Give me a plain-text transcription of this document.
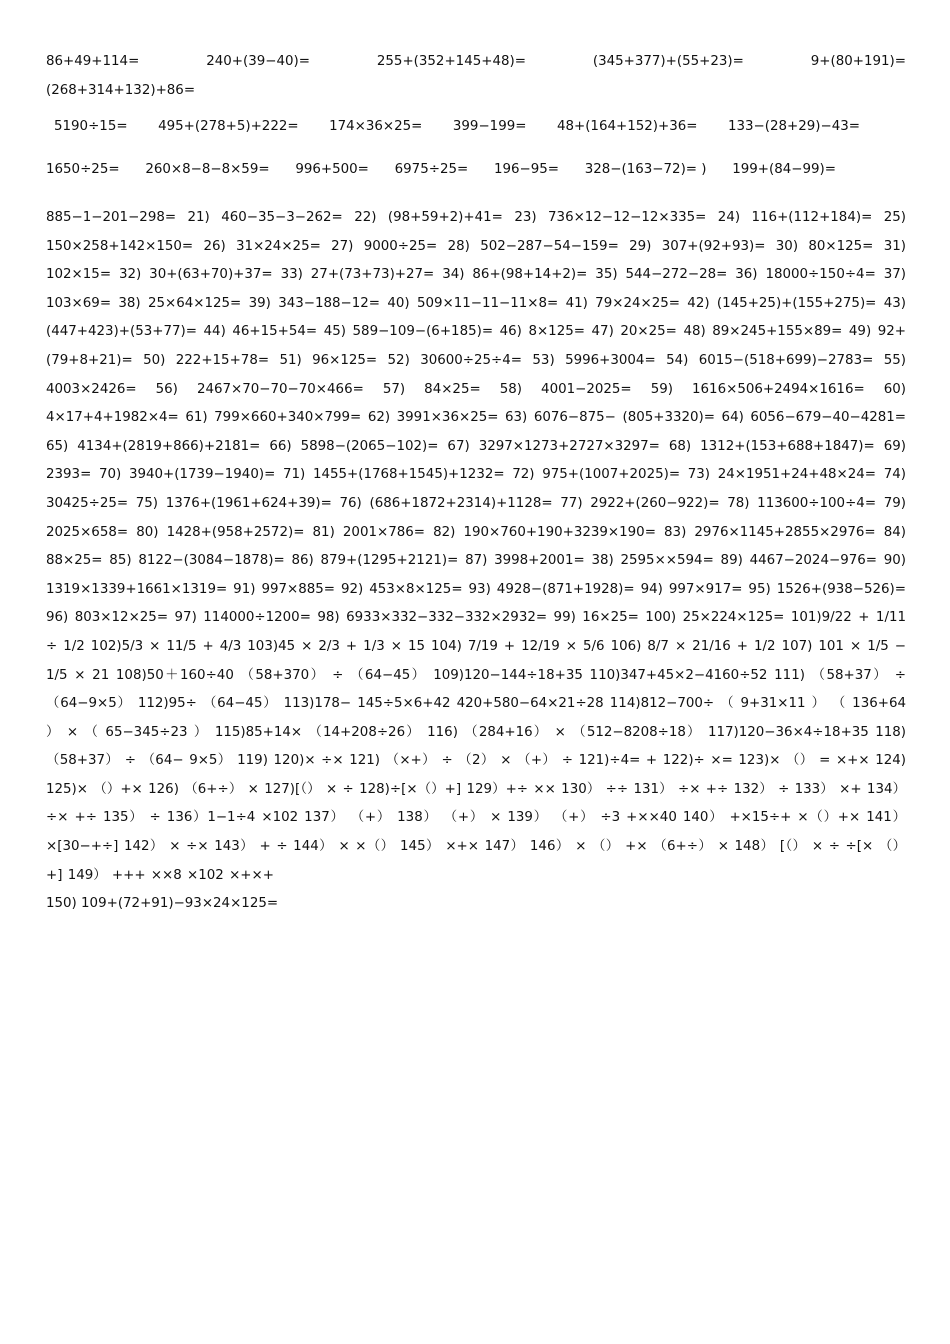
86+49+114=	240+(39−40)=	255+(352+145+48)=	(345+377)+(55+23)=	9+(80+191)=
(268+314+132)+86=
5190÷15= 495+(278+5)+222= 174×36×25= 399−199= 48+(164+152)+36= 133−(28+29)−43=
1650÷25= 260×8−8−8×59= 996+500= 6975÷25= 196−95= 328−(163−72)= ) 199+(84−99)=
885−1−201−298= 21) 460−35−3−262= 22) (98+59+2)+41= 23) 736×12−12−12×335= 24) 116+(112+184)= 25) 150×258+142×150= 26) 31×24×25= 27) 9000÷25= 28) 502−287−54−159= 29) 307+(92+93)= 30) 80×125= 31) 102×15= 32) 30+(63+70)+37= 33) 27+(73+73)+27= 34) 86+(98+14+2)= 35) 544−272−28= 36) 18000÷150÷4= 37) 103×69= 38) 25×64×125= 39) 343−188−12= 40) 509×11−11−11×8= 41) 79×24×25= 42) (145+25)+(155+275)= 43) (447+423)+(53+77)= 44) 46+15+54= 45) 589−109−(6+185)= 46) 8×125= 47) 20×25= 48) 89×245+155×89= 49) 92+(79+8+21)= 50) 222+15+78= 51) 96×125= 52) 30600÷25÷4= 53) 5996+3004= 54) 6015−(518+699)−2783= 55) 4003×2426= 56) 2467×70−70−70×466= 57) 84×25= 58) 4001−2025= 59) 1616×506+2494×1616= 60) 4×17+4+1982×4= 61) 799×660+340×799= 62) 3991×36×25= 63) 6076−875− (805+3320)= 64) 6056−679−40−4281= 65) 4134+(2819+866)+2181= 66) 5898−(2065−102)= 67) 3297×1273+2727×3297= 68) 1312+(153+688+1847)= 69) 2393= 70) 3940+(1739−1940)= 71) 1455+(1768+1545)+1232= 72) 975+(1007+2025)= 73) 24×1951+24+48×24= 74) 30425÷25= 75) 1376+(1961+624+39)= 76) (686+1872+2314)+1128= 77) 2922+(260−922)= 78) 113600÷100÷4= 79) 2025×658= 80) 1428+(958+2572)= 81) 2001×786= 82) 190×760+190+3239×190= 83) 2976×1145+2855×2976= 84) 88×25= 85) 8122−(3084−1878)= 86) 879+(1295+2121)= 87) 3998+2001= 38) 2595××594= 89) 4467−2024−976= 90) 1319×1339+1661×1319= 91) 997×885= 92) 453×8×125= 93) 4928−(871+1928)= 94) 997×917= 95) 1526+(938−526)= 96) 803×12×25= 97) 114000÷1200= 98) 6933×332−332−332×2932= 99) 16×25= 100) 25×224×125= 101)9/22 + 1/11 ÷ 1/2 102)5/3 × 11/5 + 4/3 103)45 × 2/3 + 1/3 × 15 104) 7/19 + 12/19 × 5/6 106) 8/7 × 21/16 + 1/2 107) 101 × 1/5 − 1/5 × 21 108)50＋160÷40 （58+370） ÷ （64−45） 109)120−144÷18+35 110)347+45×2−4160÷52 111) （58+37） ÷ （64−9×5） 112)95÷ （64−45） 113)178− 145÷5×6+42 420+580−64×21÷28 114)812−700÷ （ 9+31×11 ） （ 136+64 ） × （ 65−345÷23 ） 115)85+14× （14+208÷26） 116) （284+16） × （512−8208÷18） 117)120−36×4÷18+35 118) （58+37） ÷ （64− 9×5） 119) 120)× ÷× 121) （×+） ÷ （2） × （+） ÷ 121)÷4= + 122)÷ ×= 123)× （） = ×+× 124) 125)× （）+× 126) （6+÷） × 127)[（） × ÷ 128)÷[×（）+] 129）+÷ ×× 130） ÷÷ 131） ÷× +÷ 132） ÷ 133） ×+ 134） ÷× +÷ 135） ÷ 136）1−1÷4 ×102 137） （+） 138） （+） × 139） （+） ÷3 +××40 140） +×15÷+ ×（）+× 141） ×[30−+÷] 142） × ÷× 143） + ÷ 144） × ×（） 145） ×+× 147） 146） × （） +× （6+÷） × 148） [（） × ÷ ÷[× （） +] 149） +++ ××8 ×102 ×+×+
150) 109+(72+91)−93×24×125=
